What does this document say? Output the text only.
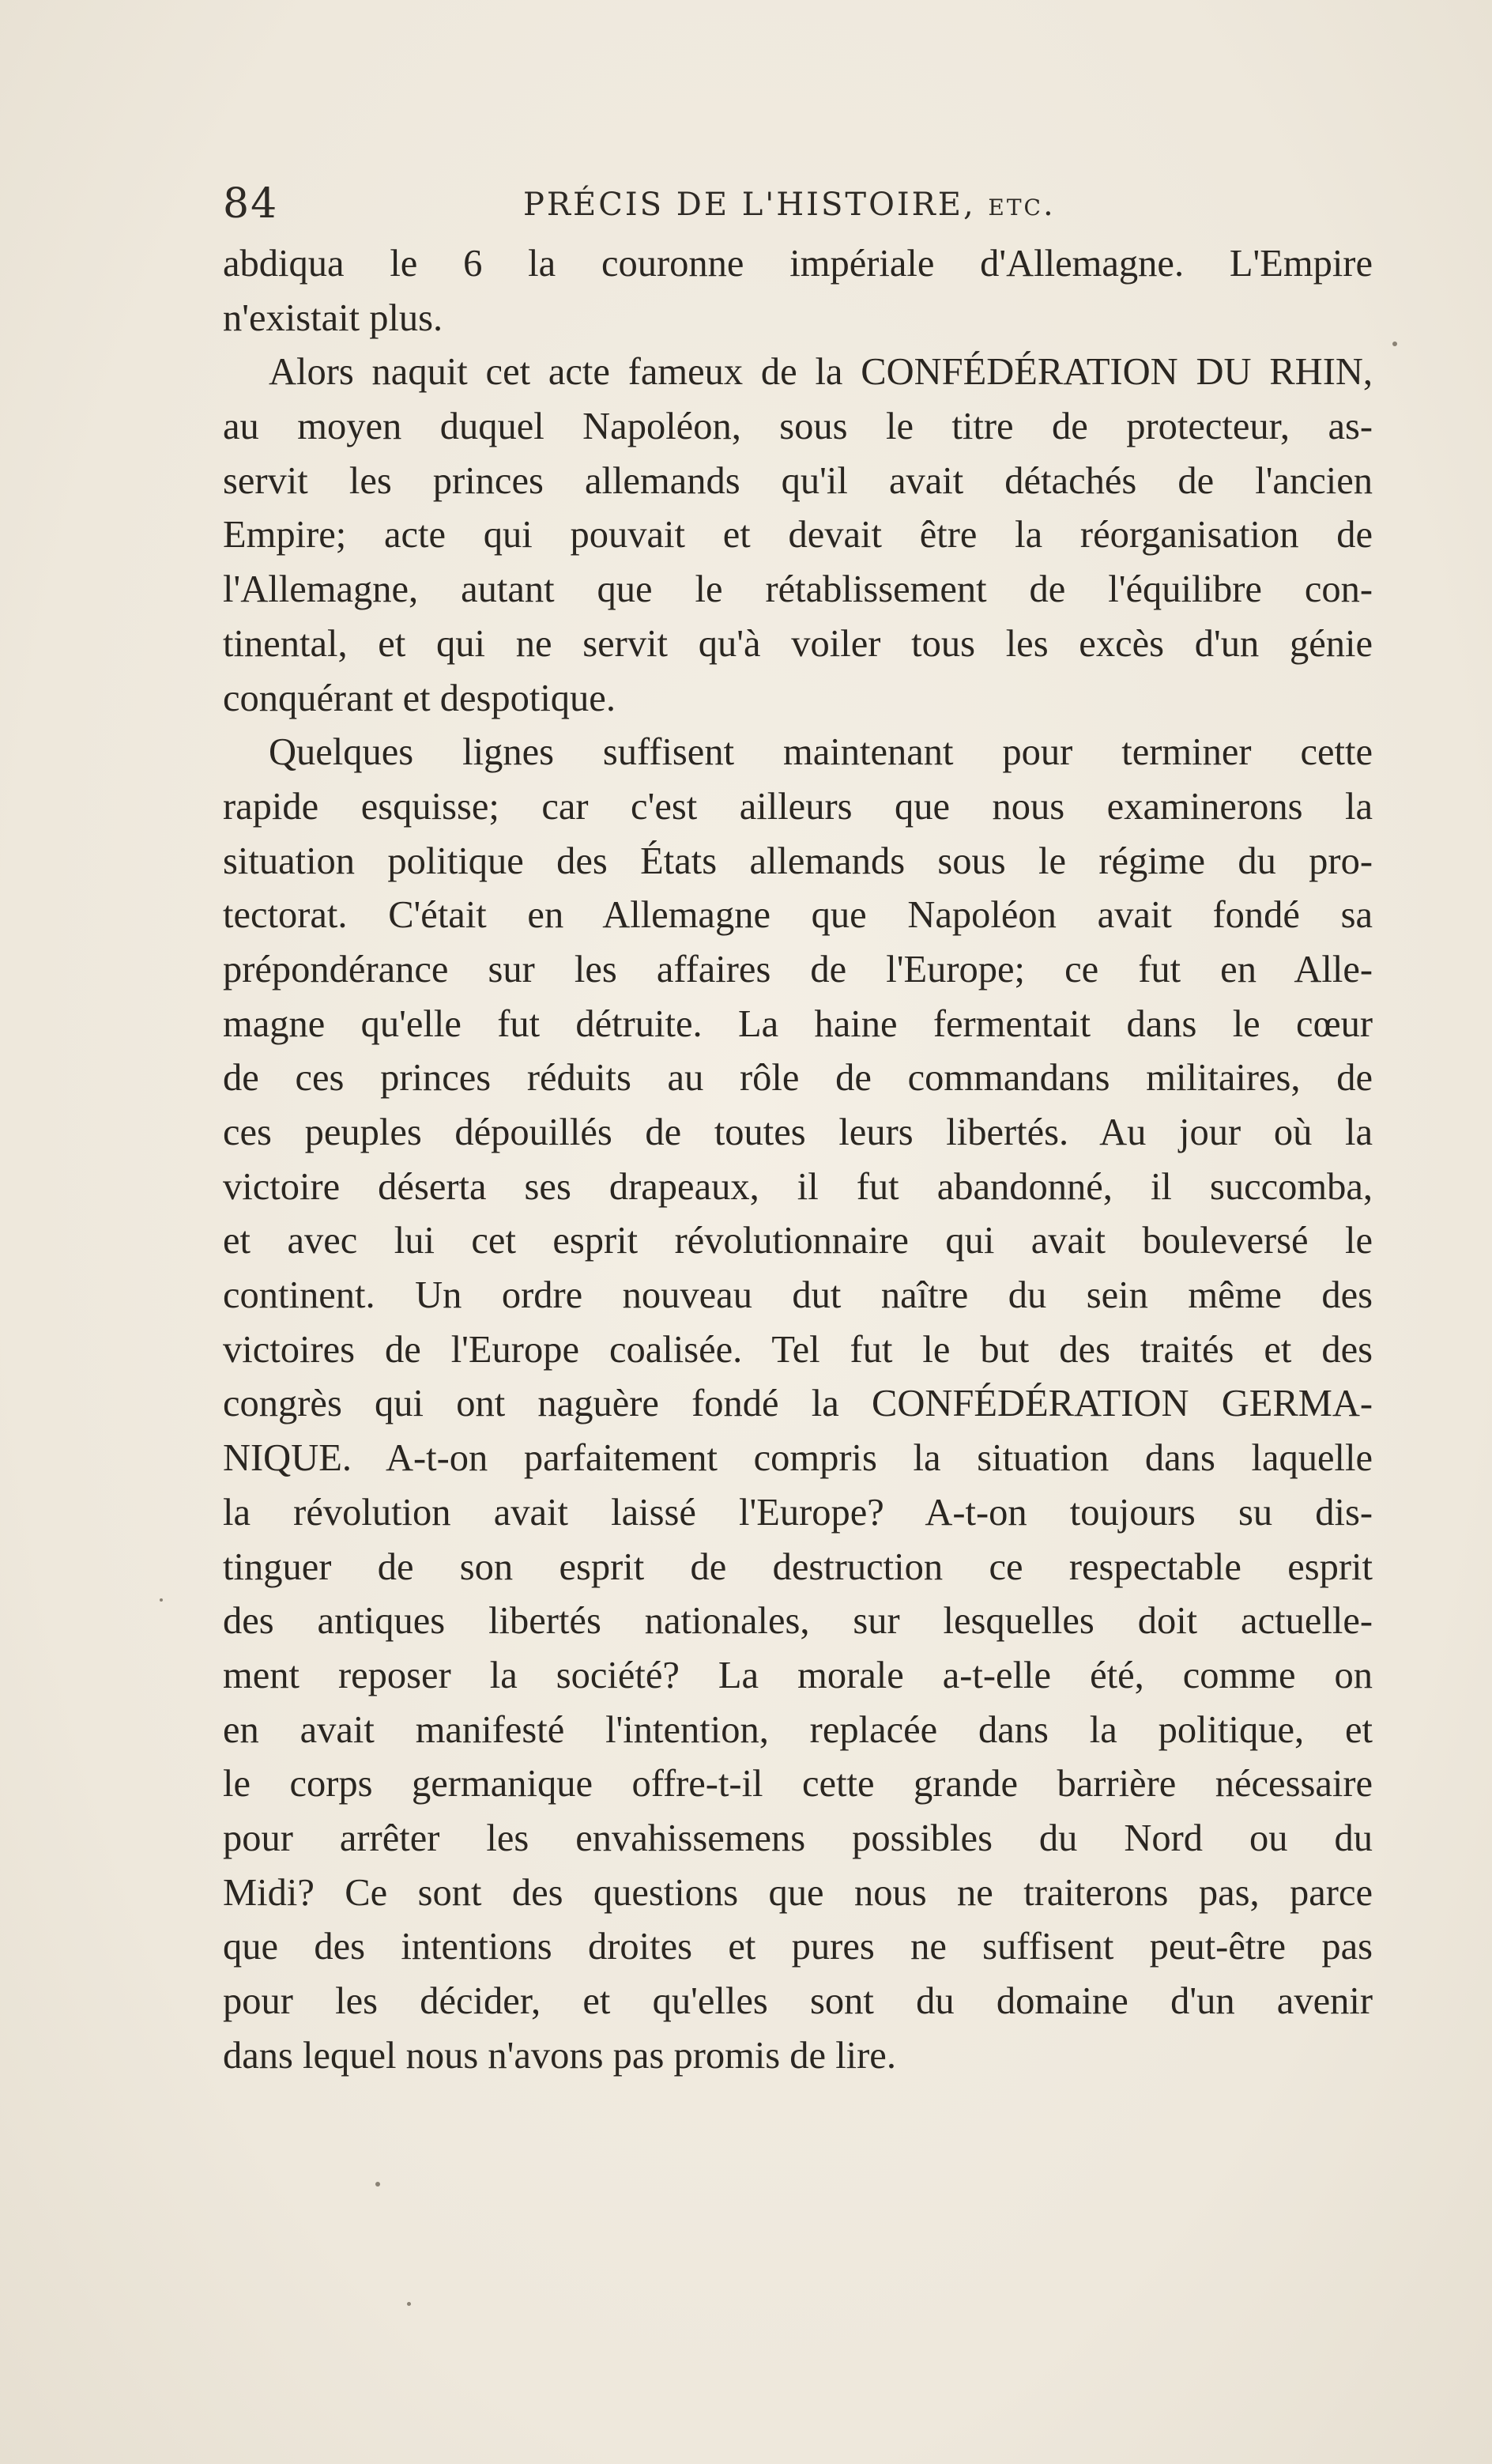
84	PRÉCIS DE L'HISTOIRE, etc.
abdiqua le 6 la couronne impériale d'Allemagne. L'Empire
n'existait plus.
Alors naquit cet acte fameux de la CONFÉDÉRATION DU RHIN,
au moyen duquel Napoléon, sous le titre de protecteur, as-
servit les princes allemands qu'il avait détachés de l'ancien
Empire; acte qui pouvait et devait être la réorganisation de
l'Allemagne, autant que le rétablissement de l'équilibre con-
tinental, et qui ne servit qu'à voiler tous les excès d'un génie
conquérant et despotique.
Quelques lignes suffisent maintenant pour terminer cette
rapide esquisse; car c'est ailleurs que nous examinerons la
situation politique des États allemands sous le régime du pro-
tectorat. C'était en Allemagne que Napoléon avait fondé sa
prépondérance sur les affaires de l'Europe; ce fut en Alle-
magne qu'elle fut détruite. La haine fermentait dans le cœur
de ces princes réduits au rôle de commandans militaires, de
ces peuples dépouillés de toutes leurs libertés. Au jour où la
victoire déserta ses drapeaux, il fut abandonné, il succomba,
et avec lui cet esprit révolutionnaire qui avait bouleversé le
continent. Un ordre nouveau dut naître du sein même des
victoires de l'Europe coalisée. Tel fut le but des traités et des
congrès qui ont naguère fondé la CONFÉDÉRATION GERMA-
NIQUE. A-t-on parfaitement compris la situation dans laquelle
la révolution avait laissé l'Europe? A-t-on toujours su dis-
tinguer de son esprit de destruction ce respectable esprit
des antiques libertés nationales, sur lesquelles doit actuelle-
ment reposer la société? La morale a-t-elle été, comme on
en avait manifesté l'intention, replacée dans la politique, et
le corps germanique offre-t-il cette grande barrière nécessaire
pour arrêter les envahissemens possibles du Nord ou du
Midi? Ce sont des questions que nous ne traiterons pas, parce
que des intentions droites et pures ne suffisent peut-être pas
pour les décider, et qu'elles sont du domaine d'un avenir
dans lequel nous n'avons pas promis de lire.
